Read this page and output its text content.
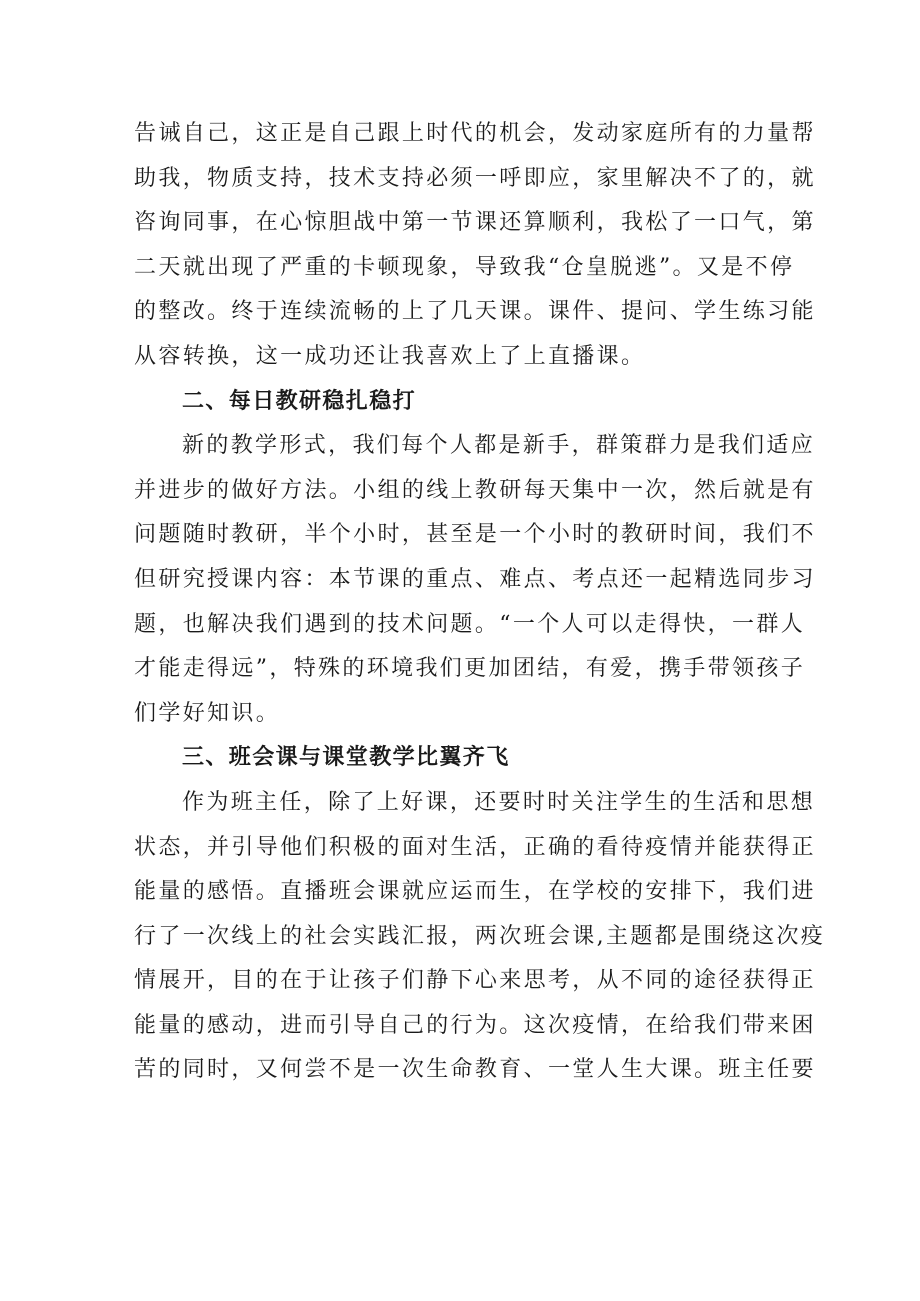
告诫自己，这正是自己跟上时代的机会，发动家庭所有的力量帮
助我，物质支持，技术支持必须一呼即应，家里解决不了的，就
咨询同事，在心惊胆战中第一节课还算顺利，我松了一口气，第
二天就出现了严重的卡顿现象，导致我“仓皇脱逃”。又是不停
的整改。终于连续流畅的上了几天课。课件、提问、学生练习能
从容转换，这一成功还让我喜欢上了上直播课。
二、每日教研稳扎稳打
新的教学形式，我们每个人都是新手，群策群力是我们适应
并进步的做好方法。小组的线上教研每天集中一次，然后就是有
问题随时教研，半个小时，甚至是一个小时的教研时间，我们不
但研究授课内容：本节课的重点、难点、考点还一起精选同步习
题，也解决我们遇到的技术问题。“一个人可以走得快，一群人
才能走得远”，特殊的环境我们更加团结，有爱，携手带领孩子
们学好知识。
三、班会课与课堂教学比翼齐飞
作为班主任，除了上好课，还要时时关注学生的生活和思想
状态，并引导他们积极的面对生活，正确的看待疫情并能获得正
能量的感悟。直播班会课就应运而生，在学校的安排下，我们进
行了一次线上的社会实践汇报，两次班会课,主题都是围绕这次疫
情展开，目的在于让孩子们静下心来思考，从不同的途径获得正
能量的感动，进而引导自己的行为。这次疫情，在给我们带来困
苦的同时，又何尝不是一次生命教育、一堂人生大课。班主任要
